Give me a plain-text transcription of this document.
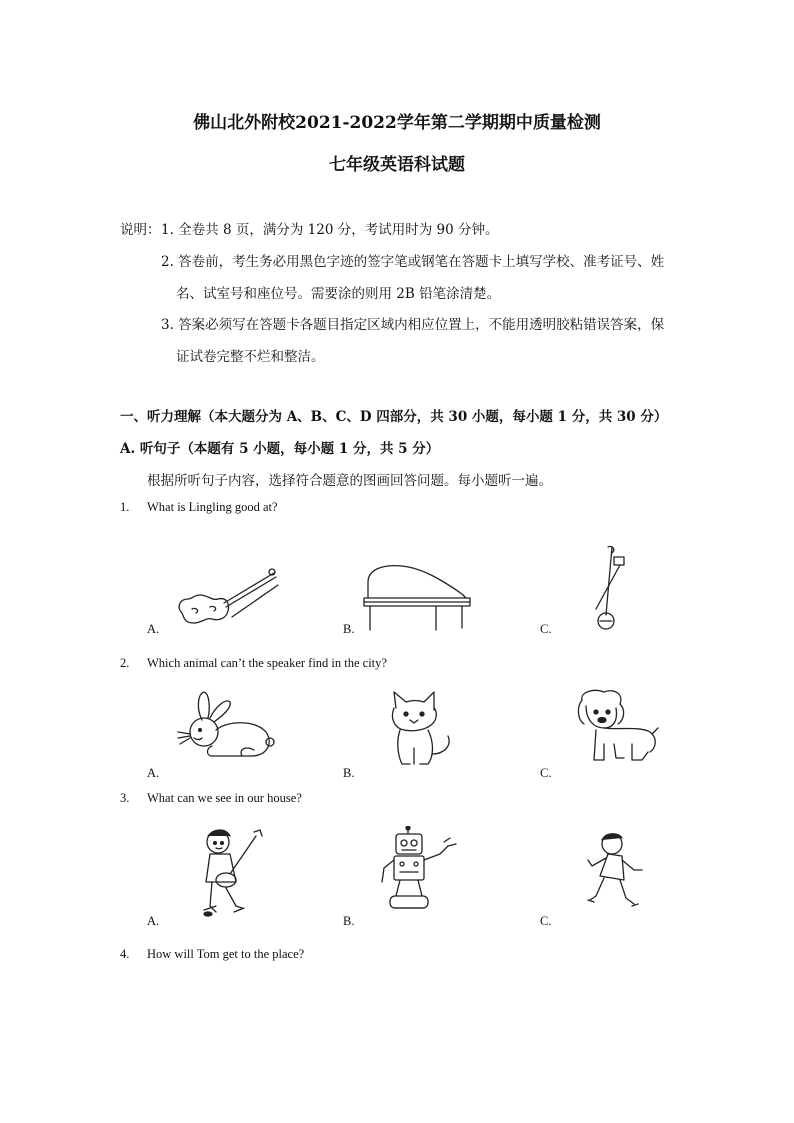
佛山北外附校2021-2022学年第二学期期中质量检测
七年级英语科试题
说明： 1. 全卷共 8 页，满分为 120 分，考试用时为 90 分钟。
2. 答卷前，考生务必用黑色字迹的签字笔或钢笔在答题卡上填写学校、准考证号、姓
名、试室号和座位号。需要涂的则用 2B 铅笔涂清楚。
3. 答案必须写在答题卡各题目指定区域内相应位置上，不能用透明胶粘错误答案，保
证试卷完整不烂和整洁。
一、听力理解（本大题分为 A、B、C、D 四部分，共 30 小题，每小题 1 分，共 30 分）
A. 听句子（本题有 5 小题，每小题 1 分，共 5 分）
根据所听句子内容，选择符合题意的图画回答问题。每小题听一遍。
1. What is Lingling good at?
A.	B.	C.
2. Which animal can’t the speaker find in the city?
A.	B.	C.
3. What can we see in our house?
A.	B.	C.
4. How will Tom get to the place?
